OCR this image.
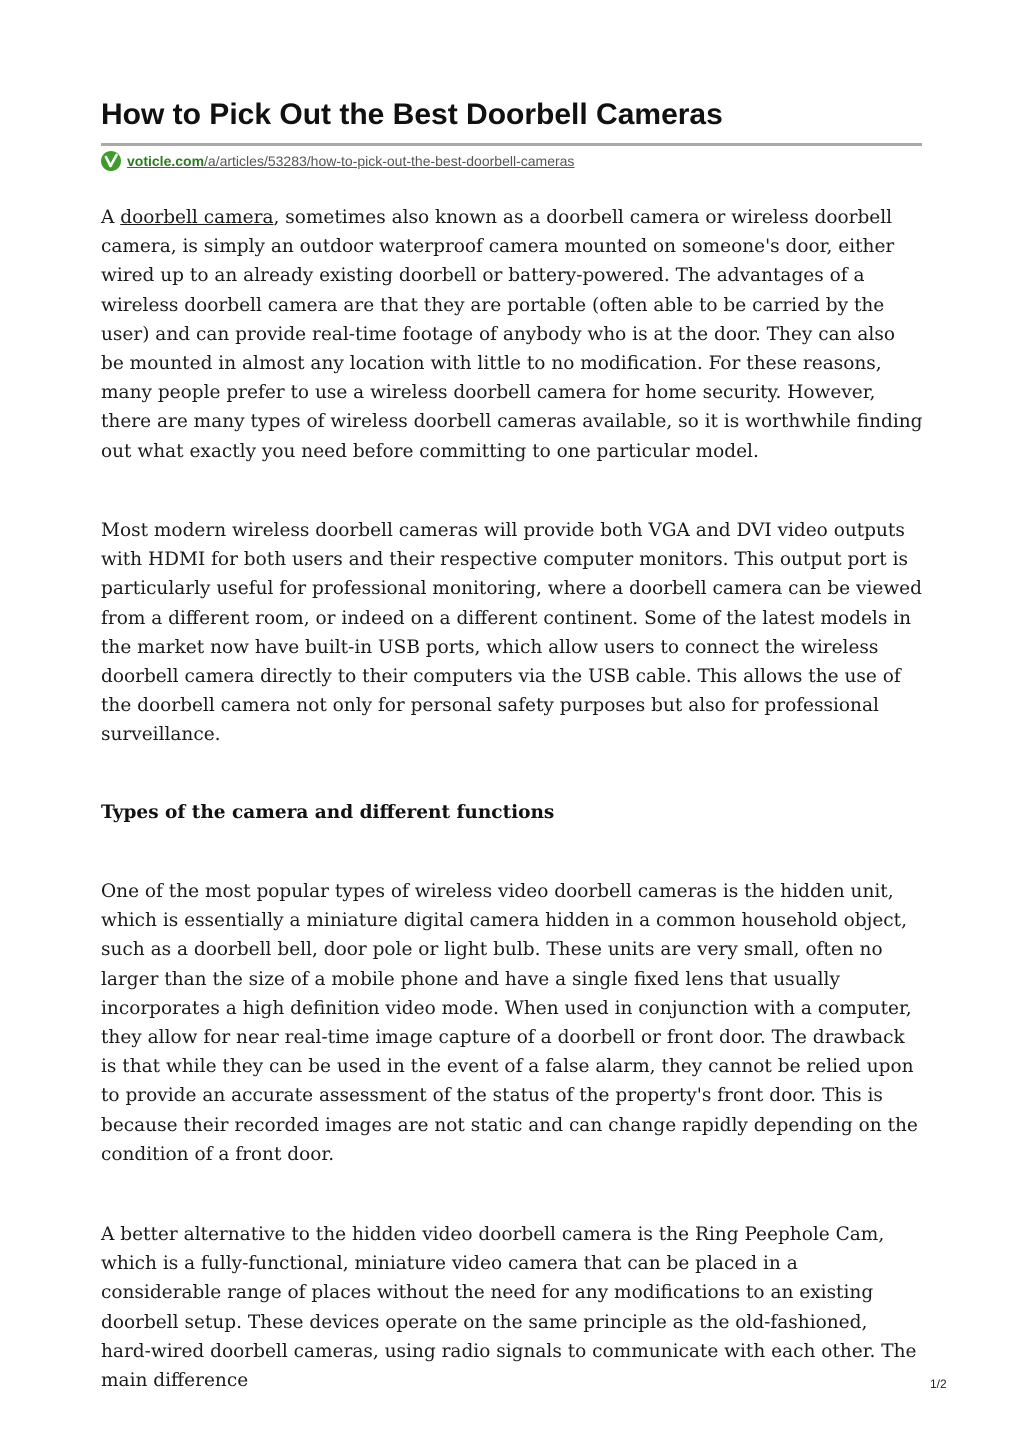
How to Pick Out the Best Doorbell Cameras
voticle.com/a/articles/53283/how-to-pick-out-the-best-doorbell-cameras

A doorbell camera, sometimes also known as a doorbell camera or wireless doorbell camera, is simply an outdoor waterproof camera mounted on someone's door, either wired up to an already existing doorbell or battery-powered. The advantages of a wireless doorbell camera are that they are portable (often able to be carried by the user) and can provide real-time footage of anybody who is at the door. They can also be mounted in almost any location with little to no modification. For these reasons, many people prefer to use a wireless doorbell camera for home security. However, there are many types of wireless doorbell cameras available, so it is worthwhile finding out what exactly you need before committing to one particular model.

Most modern wireless doorbell cameras will provide both VGA and DVI video outputs with HDMI for both users and their respective computer monitors. This output port is particularly useful for professional monitoring, where a doorbell camera can be viewed from a different room, or indeed on a different continent. Some of the latest models in the market now have built-in USB ports, which allow users to connect the wireless doorbell camera directly to their computers via the USB cable. This allows the use of the doorbell camera not only for personal safety purposes but also for professional surveillance.

Types of the camera and different functions

One of the most popular types of wireless video doorbell cameras is the hidden unit, which is essentially a miniature digital camera hidden in a common household object, such as a doorbell bell, door pole or light bulb. These units are very small, often no larger than the size of a mobile phone and have a single fixed lens that usually incorporates a high definition video mode. When used in conjunction with a computer, they allow for near real-time image capture of a doorbell or front door. The drawback is that while they can be used in the event of a false alarm, they cannot be relied upon to provide an accurate assessment of the status of the property's front door. This is because their recorded images are not static and can change rapidly depending on the condition of a front door.

A better alternative to the hidden video doorbell camera is the Ring Peephole Cam, which is a fully-functional, miniature video camera that can be placed in a considerable range of places without the need for any modifications to an existing doorbell setup. These devices operate on the same principle as the old-fashioned, hard-wired doorbell cameras, using radio signals to communicate with each other. The main difference	1/2
